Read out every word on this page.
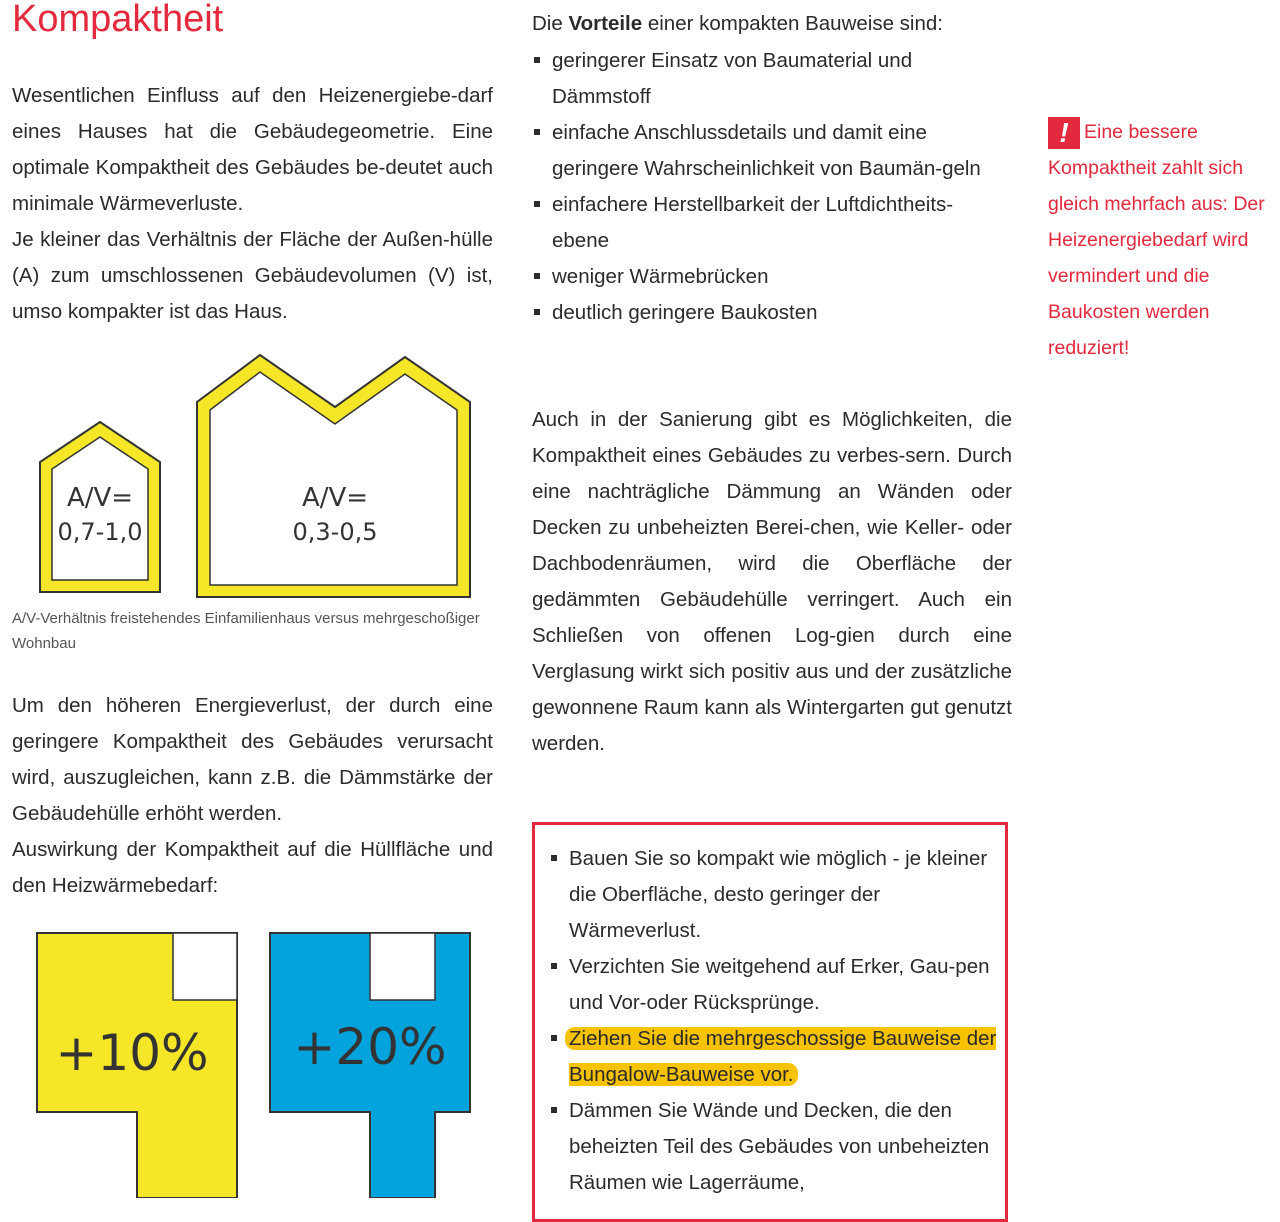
Kompaktheit

Wesentlichen Einfluss auf den Heizenergiebe-darf eines Hauses hat die Gebäudegeometrie. Eine optimale Kompaktheit des Gebäudes be-deutet auch minimale Wärmeverluste.
Je kleiner das Verhältnis der Fläche der Außen-hülle (A) zum umschlossenen Gebäudevolumen (V) ist, umso kompakter ist das Haus.

A/V=
0,7-1,0
A/V=
0,3-0,5

A/V-Verhältnis freistehendes Einfamilienhaus versus mehrgeschoßiger Wohnbau

Um den höheren Energieverlust, der durch eine geringere Kompaktheit des Gebäudes verursacht wird, auszugleichen, kann z.B. die Dämmstärke der Gebäudehülle erhöht werden.
Auswirkung der Kompaktheit auf die Hüllfläche und den Heizwärmebedarf:

+10% +20%

Die Vorteile einer kompakten Bauweise sind:

geringerer Einsatz von Baumaterial und Dämmstoff
einfache Anschlussdetails und damit eine geringere Wahrscheinlichkeit von Baumän-geln
einfachere Herstellbarkeit der Luftdichtheits-ebene
weniger Wärmebrücken
deutlich geringere Baukosten

Auch in der Sanierung gibt es Möglichkeiten, die Kompaktheit eines Gebäudes zu verbes-sern. Durch eine nachträgliche Dämmung an Wänden oder Decken zu unbeheizten Berei-chen, wie Keller- oder Dachbodenräumen, wird die Oberfläche der gedämmten Gebäudehülle verringert. Auch ein Schließen von offenen Log-gien durch eine Verglasung wirkt sich positiv aus und der zusätzliche gewonnene Raum kann als Wintergarten gut genutzt werden.

Bauen Sie so kompakt wie möglich - je kleiner die Oberfläche, desto geringer der Wärmeverlust.
Verzichten Sie weitgehend auf Erker, Gau-pen und Vor-oder Rücksprünge.
Ziehen Sie die mehrgeschossige Bauweise der Bungalow-Bauweise vor.
Dämmen Sie Wände und Decken, die den beheizten Teil des Gebäudes von unbeheizten Räumen wie Lagerräume,

! Eine bessere
Kompaktheit zahlt sich gleich mehrfach aus: Der Heizenergiebedarf wird vermindert und die Baukosten werden reduziert!
